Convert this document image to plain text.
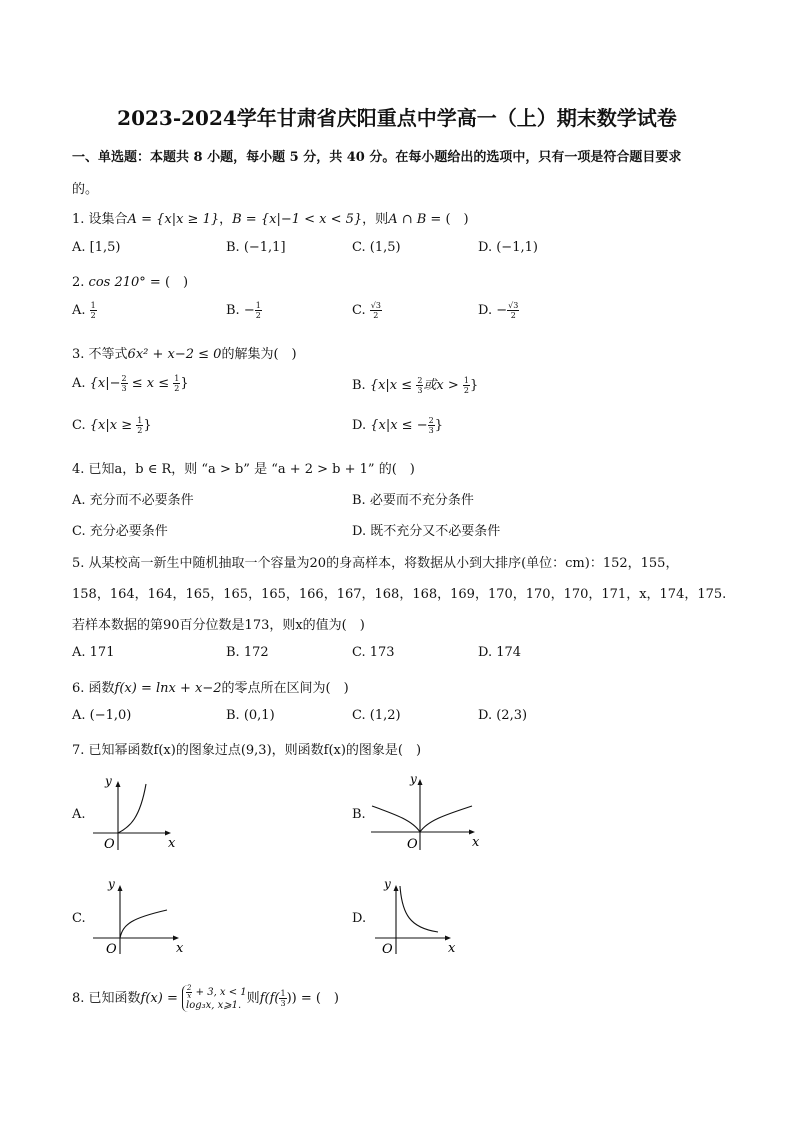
2023-2024学年甘肃省庆阳重点中学高一（上）期末数学试卷
一、单选题：本题共 8 小题，每小题 5 分，共 40 分。在每小题给出的选项中，只有一项是符合题目要求
的。
1. 设集合A = {x|x ≥ 1}，B = {x|−1 < x < 5}，则A ∩ B = (　)
A. [1,5)	B. (−1,1]	C. (1,5)	D. (−1,1)
2. cos 210° = (　)
A. $\frac{1}{2}$	B. − $\frac{1}{2}$	C. $\frac{√3}{2}$	D. − $\frac{√3}{2}$
3. 不等式6x² + x−2 ≤ 0的解集为(　)
A. {$x|- \frac{2}{3} \le x \le \frac{1}{2}$ }	B. {$x|x \le \frac{2}{3}$ 或$x > \frac{1}{2}$ }
C. {$x|x \ge \frac{1}{2}$ }	D. {x|x ≤ − $\frac{2}{3}$ }
4. 已知a，b ∈ R，则 “a > b” 是 “a + 2 > b + 1” 的(　)
A. 充分而不必要条件	B. 必要而不充分条件
C. 充分必要条件	D. 既不充分又不必要条件
5. 从某校高一新生中随机抽取一个容量为20的身高样本，将数据从小到大排序(单位：cm)：152，155，
158，164，164，165，165，165，166，167，168，168，169，170，170，170，171，x，174，175.
若样本数据的第90百分位数是173，则x的值为(　)
A. 171	B. 172	C. 173	D. 174
6. 函数f(x) = lnx + x−2的零点所在区间为(　)
A. (−1,0)	B. (0,1)	C. (1,2)	D. (2,3)
7. 已知幂函数f(x)的图象过点(9,3)，则函数f(x)的图象是(　)
A.
y
x
O
B.
y
x
O
C.
y
x
O
D.
y
x
O
8. 已知函数$f(x) = \frac{2}{x} + 3$, x < 1
log₃x, x⩾1. 则$f(f( \frac{1}{3}$ )) = (　)
